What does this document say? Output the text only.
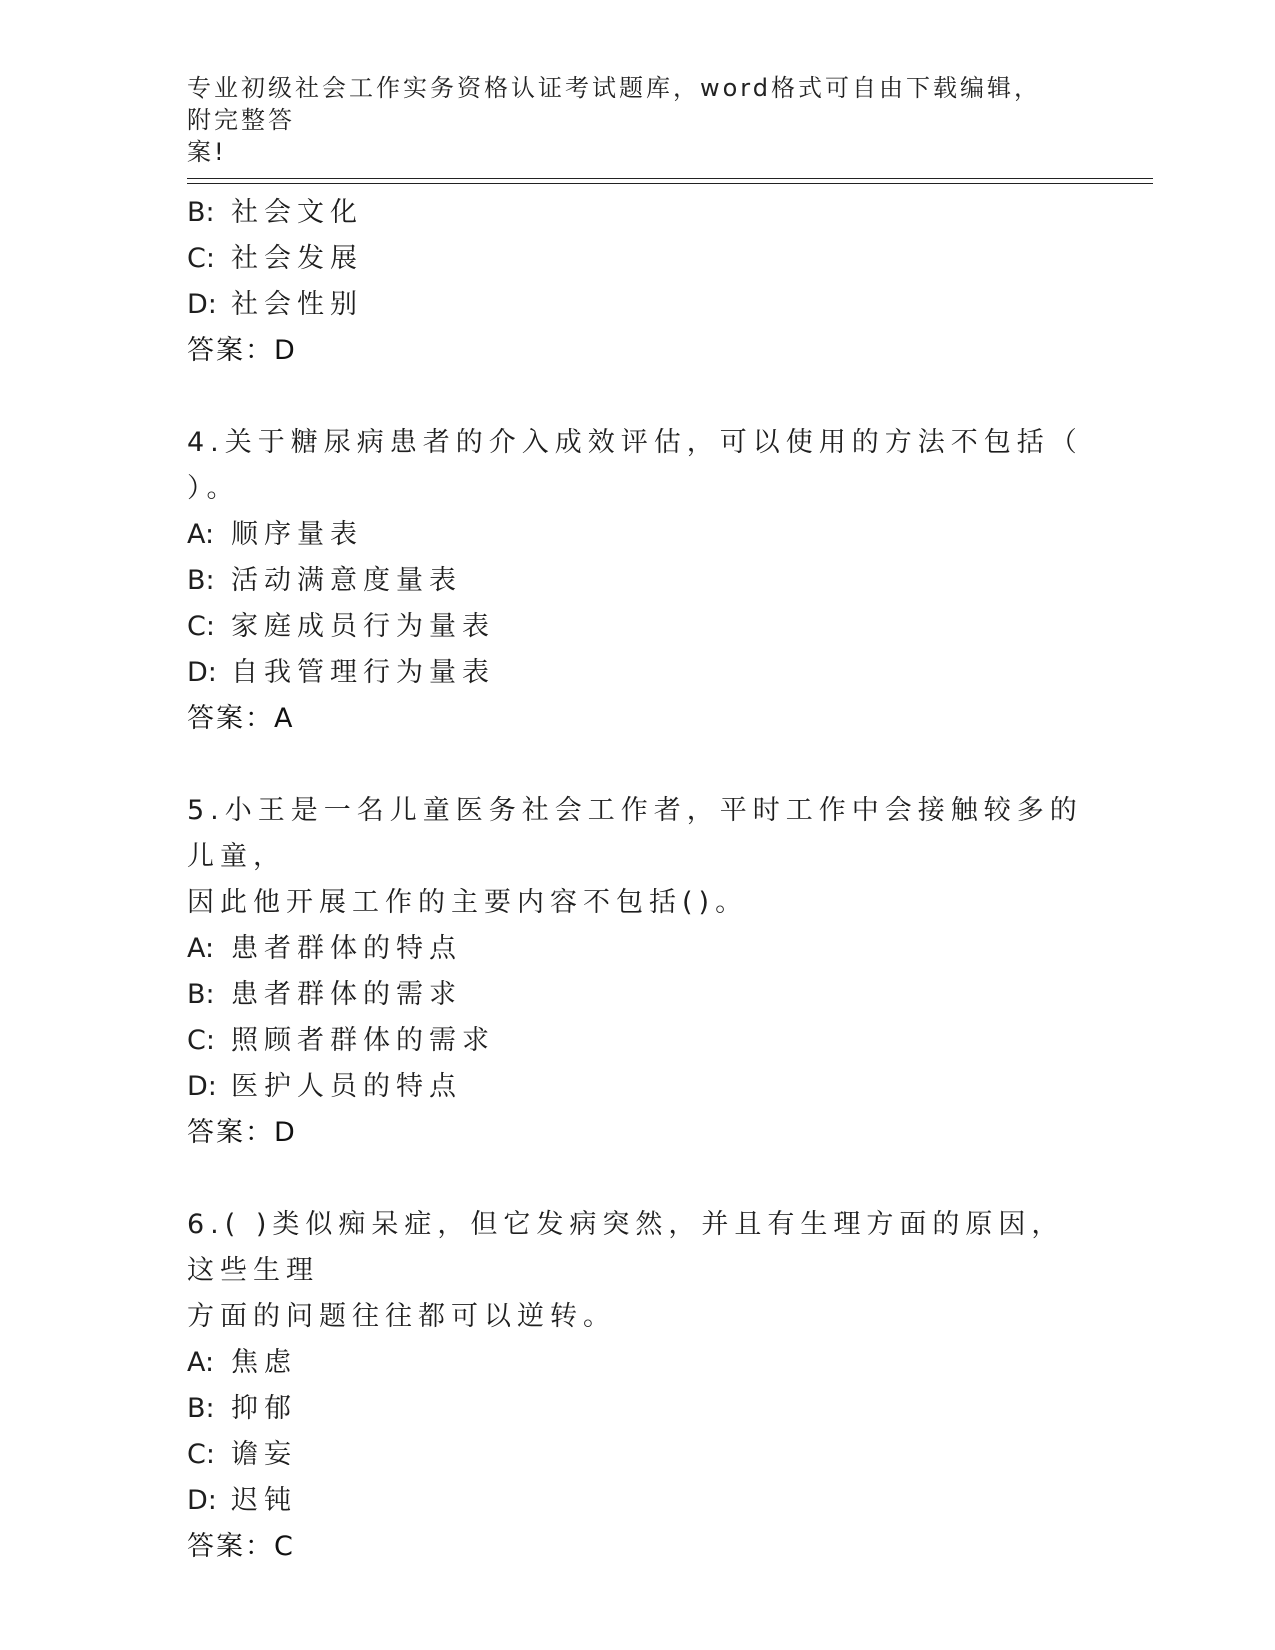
专业初级社会工作实务资格认证考试题库，word格式可自由下载编辑，附完整答
案!
B: 社会文化
C: 社会发展
D: 社会性别
答案：D
4.关于糖尿病患者的介入成效评估，可以使用的方法不包括（ ）。
A: 顺序量表
B: 活动满意度量表
C: 家庭成员行为量表
D: 自我管理行为量表
答案：A
5.小王是一名儿童医务社会工作者，平时工作中会接触较多的儿童，
因此他开展工作的主要内容不包括()。
A: 患者群体的特点
B: 患者群体的需求
C: 照顾者群体的需求
D: 医护人员的特点
答案：D
6.( )类似痴呆症，但它发病突然，并且有生理方面的原因，这些生理
方面的问题往往都可以逆转。
A: 焦虑
B: 抑郁
C: 谵妄
D: 迟钝
答案：C
